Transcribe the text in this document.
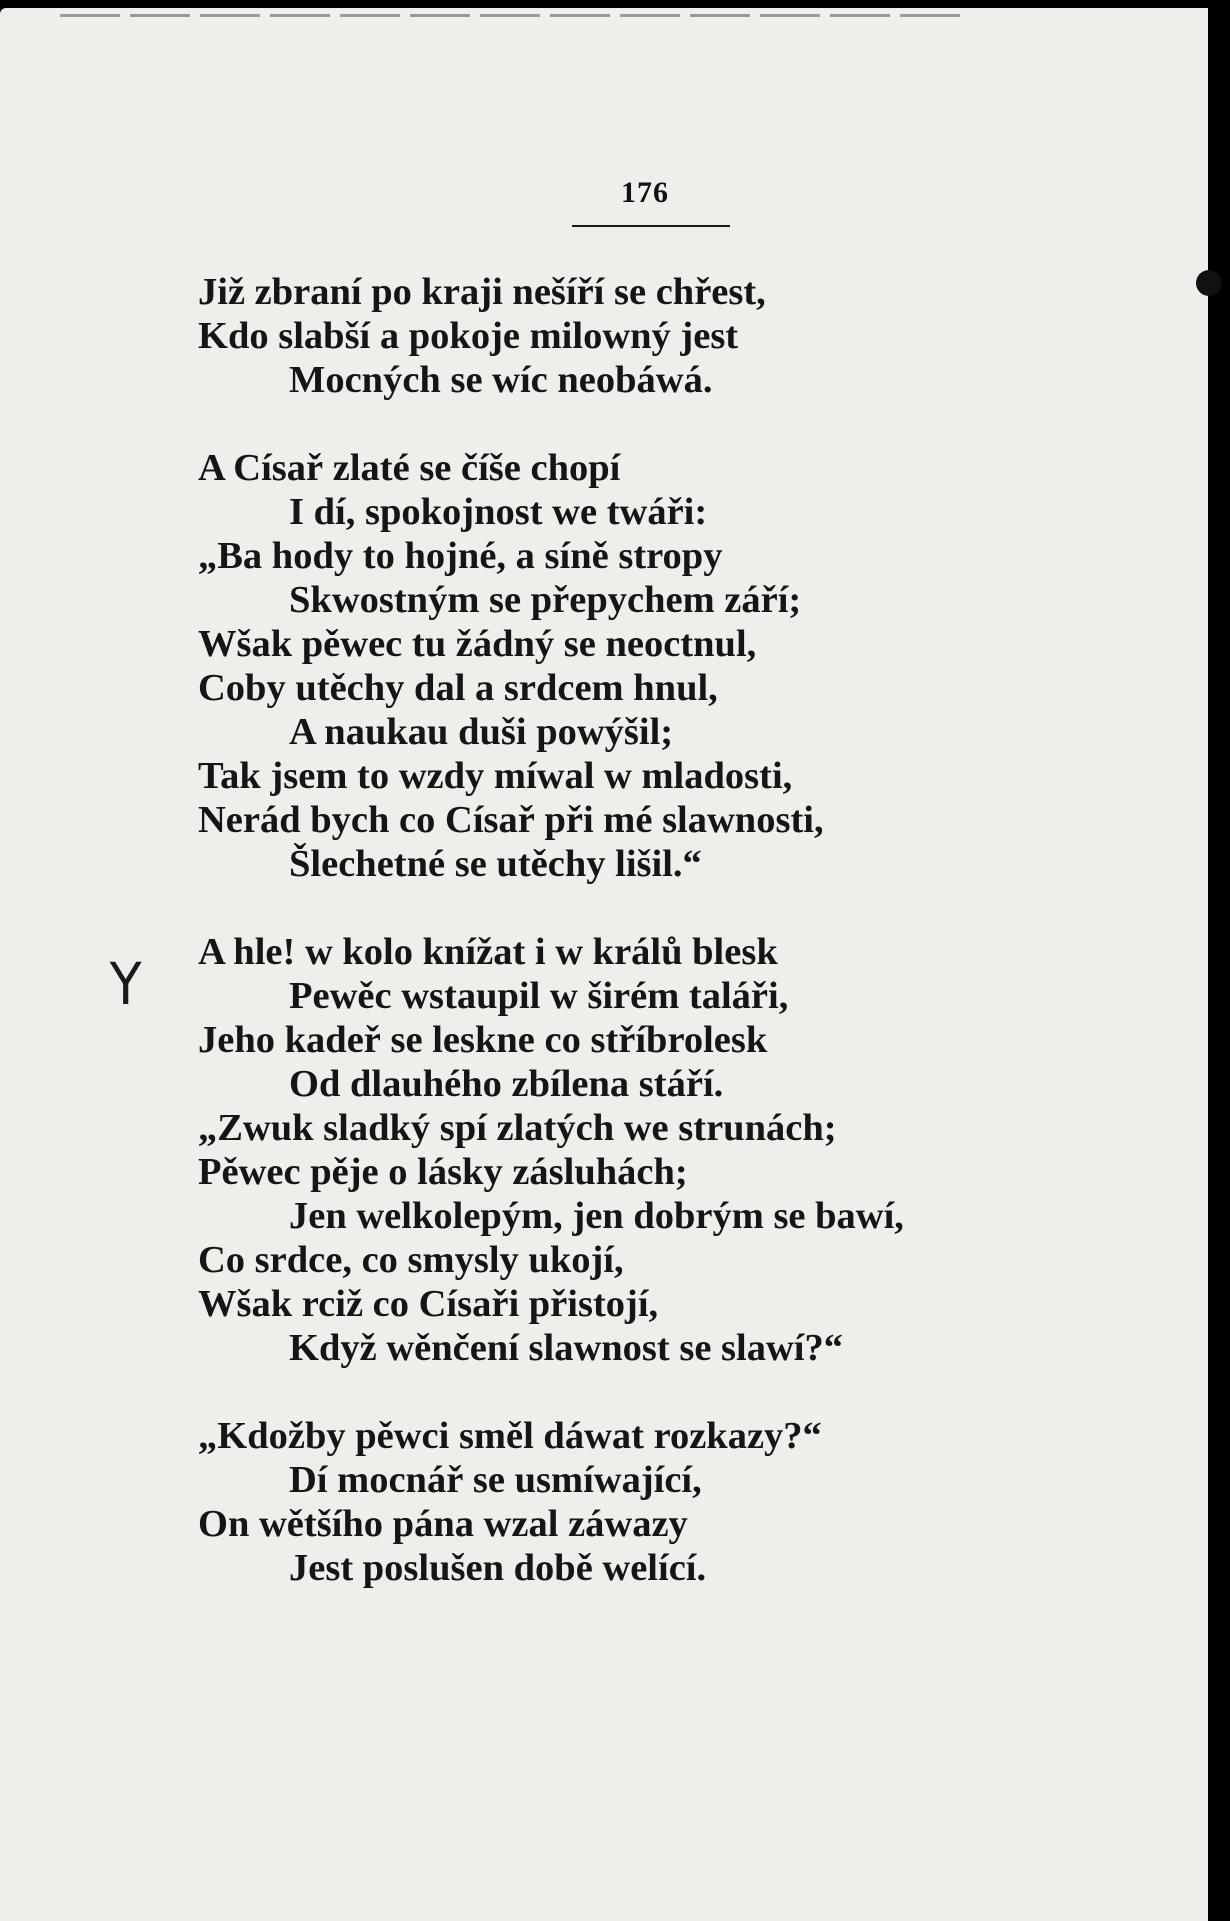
176
Y
Již zbraní po kraji nešíří se chřest,
Kdo slabší a pokoje milowný jest
Mocných se wíc neobáwá.
A Císař zlaté se číše chopí
I dí, spokojnost we twáři:
„Ba hody to hojné, a síně stropy
Skwostným se přepychem září;
Wšak pěwec tu žádný se neoctnul,
Coby utěchy dal a srdcem hnul,
A naukau duši powýšil;
Tak jsem to wzdy míwal w mladosti,
Nerád bych co Císař při mé slawnosti,
Šlechetné se utěchy lišil.“
A hle! w kolo knížat i w králů blesk
Pewěc wstaupil w širém taláři,
Jeho kadeř se leskne co stříbrolesk
Od dlauhého zbílena stáří.
„Zwuk sladký spí zlatých we strunách;
Pěwec pěje o lásky zásluhách;
Jen welkolepým, jen dobrým se bawí,
Co srdce, co smysly ukojí,
Wšak rciž co Císaři přistojí,
Když wěnčení slawnost se slawí?“
„Kdožby pěwci směl dáwat rozkazy?“
Dí mocnář se usmíwající,
On wětšího pána wzal záwazy
Jest poslušen době welící.
